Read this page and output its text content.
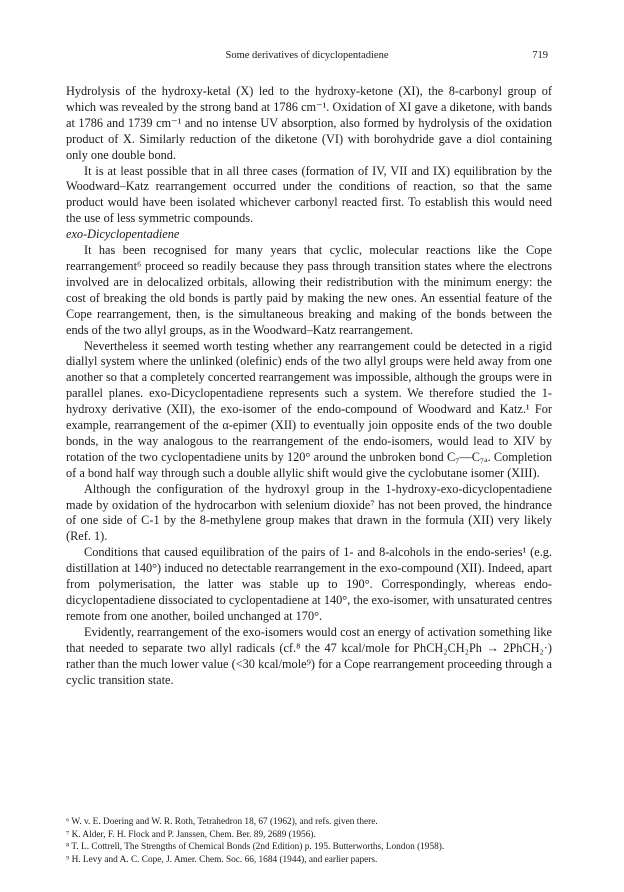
Some derivatives of dicyclopentadiene	719

Hydrolysis of the hydroxy-ketal (X) led to the hydroxy-ketone (XI), the 8-carbonyl group of which was revealed by the strong band at 1786 cm⁻¹. Oxidation of XI gave a diketone, with bands at 1786 and 1739 cm⁻¹ and no intense UV absorption, also formed by hydrolysis of the oxidation product of X. Similarly reduction of the diketone (VI) with borohydride gave a diol containing only one double bond.

It is at least possible that in all three cases (formation of IV, VII and IX) equilibration by the Woodward–Katz rearrangement occurred under the conditions of reaction, so that the same product would have been isolated whichever carbonyl reacted first. To establish this would need the use of less symmetric compounds.

exo-Dicyclopentadiene

It has been recognised for many years that cyclic, molecular reactions like the Cope rearrangement⁶ proceed so readily because they pass through transition states where the electrons involved are in delocalized orbitals, allowing their redistribution with the minimum energy: the cost of breaking the old bonds is partly paid by making the new ones. An essential feature of the Cope rearrangement, then, is the simultaneous breaking and making of the bonds between the ends of the two allyl groups, as in the Woodward–Katz rearrangement.

Nevertheless it seemed worth testing whether any rearrangement could be detected in a rigid diallyl system where the unlinked (olefinic) ends of the two allyl groups were held away from one another so that a completely concerted rearrangement was impossible, although the groups were in parallel planes. exo-Dicyclopentadiene represents such a system. We therefore studied the 1-hydroxy derivative (XII), the exo-isomer of the endo-compound of Woodward and Katz.¹ For example, rearrangement of the α-epimer (XII) to eventually join opposite ends of the two double bonds, in the way analogous to the rearrangement of the endo-isomers, would lead to XIV by rotation of the two cyclopentadiene units by 120° around the unbroken bond C₇—C₇ₐ. Completion of a bond half way through such a double allylic shift would give the cyclobutane isomer (XIII).

Although the configuration of the hydroxyl group in the 1-hydroxy-exo-dicyclopentadiene made by oxidation of the hydrocarbon with selenium dioxide⁷ has not been proved, the hindrance of one side of C-1 by the 8-methylene group makes that drawn in the formula (XII) very likely (Ref. 1).

Conditions that caused equilibration of the pairs of 1- and 8-alcohols in the endo-series¹ (e.g. distillation at 140°) induced no detectable rearrangement in the exo-compound (XII). Indeed, apart from polymerisation, the latter was stable up to 190°. Correspondingly, whereas endo-dicyclopentadiene dissociated to cyclopentadiene at 140°, the exo-isomer, with unsaturated centres remote from one another, boiled unchanged at 170°.

Evidently, rearrangement of the exo-isomers would cost an energy of activation something like that needed to separate two allyl radicals (cf.⁸ the 47 kcal/mole for PhCH₂CH₂Ph → 2PhCH₂·) rather than the much lower value (<30 kcal/mole⁹) for a Cope rearrangement proceeding through a cyclic transition state.

⁶ W. v. E. Doering and W. R. Roth, Tetrahedron 18, 67 (1962), and refs. given there.

⁷ K. Alder, F. H. Flock and P. Janssen, Chem. Ber. 89, 2689 (1956).

⁸ T. L. Cottrell, The Strengths of Chemical Bonds (2nd Edition) p. 195. Butterworths, London (1958).

⁹ H. Levy and A. C. Cope, J. Amer. Chem. Soc. 66, 1684 (1944), and earlier papers.
